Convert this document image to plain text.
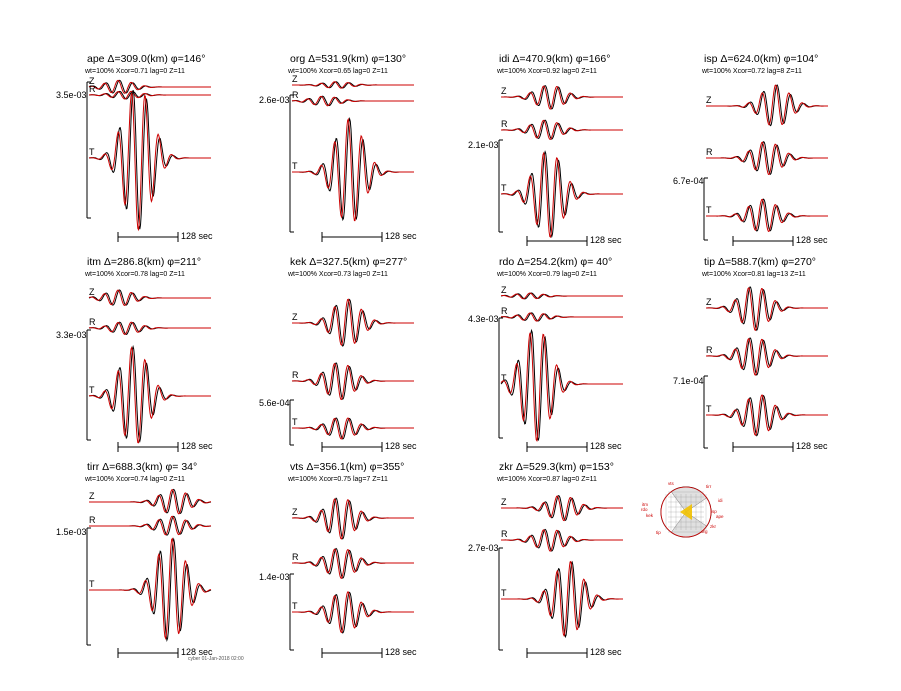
ape Δ=309.0(km) φ=146°
wt=100% Xcor=0.71 lag=0 Z=11
3.5e-03
Z
R
T
128 sec
org Δ=531.9(km) φ=130°
wt=100% Xcor=0.65 lag=0 Z=11
2.6e-03
Z
R
T
128 sec
idi Δ=470.9(km) φ=166°
wt=100% Xcor=0.92 lag=0 Z=11
2.1e-03
Z
R
T
128 sec
isp Δ=624.0(km) φ=104°
wt=100% Xcor=0.72 lag=8 Z=11
6.7e-04
Z
R
T
128 sec
itm Δ=286.8(km) φ=211°
wt=100% Xcor=0.78 lag=0 Z=11
3.3e-03
Z
R
T
128 sec
kek Δ=327.5(km) φ=277°
wt=100% Xcor=0.73 lag=0 Z=11
5.6e-04
Z
R
T
128 sec
rdo Δ=254.2(km) φ= 40°
wt=100% Xcor=0.79 lag=0 Z=11
4.3e-03
Z
R
T
128 sec
tip Δ=588.7(km) φ=270°
wt=100% Xcor=0.81 lag=13 Z=11
7.1e-04
Z
R
T
128 sec
tirr Δ=688.3(km) φ= 34°
wt=100% Xcor=0.74 lag=0 Z=11
1.5e-03
Z
R
T
128 sec
vts Δ=356.1(km) φ=355°
wt=100% Xcor=0.75 lag=7 Z=11
1.4e-03
Z
R
T
128 sec
zkr Δ=529.3(km) φ=153°
wt=100% Xcor=0.87 lag=0 Z=11
2.7e-03
Z
R
T
128 sec
vts
tirr
rdo
kek
isp
zkr
tip
ape
org
itm
idi
cyber 01-Jan-2018 02:00
